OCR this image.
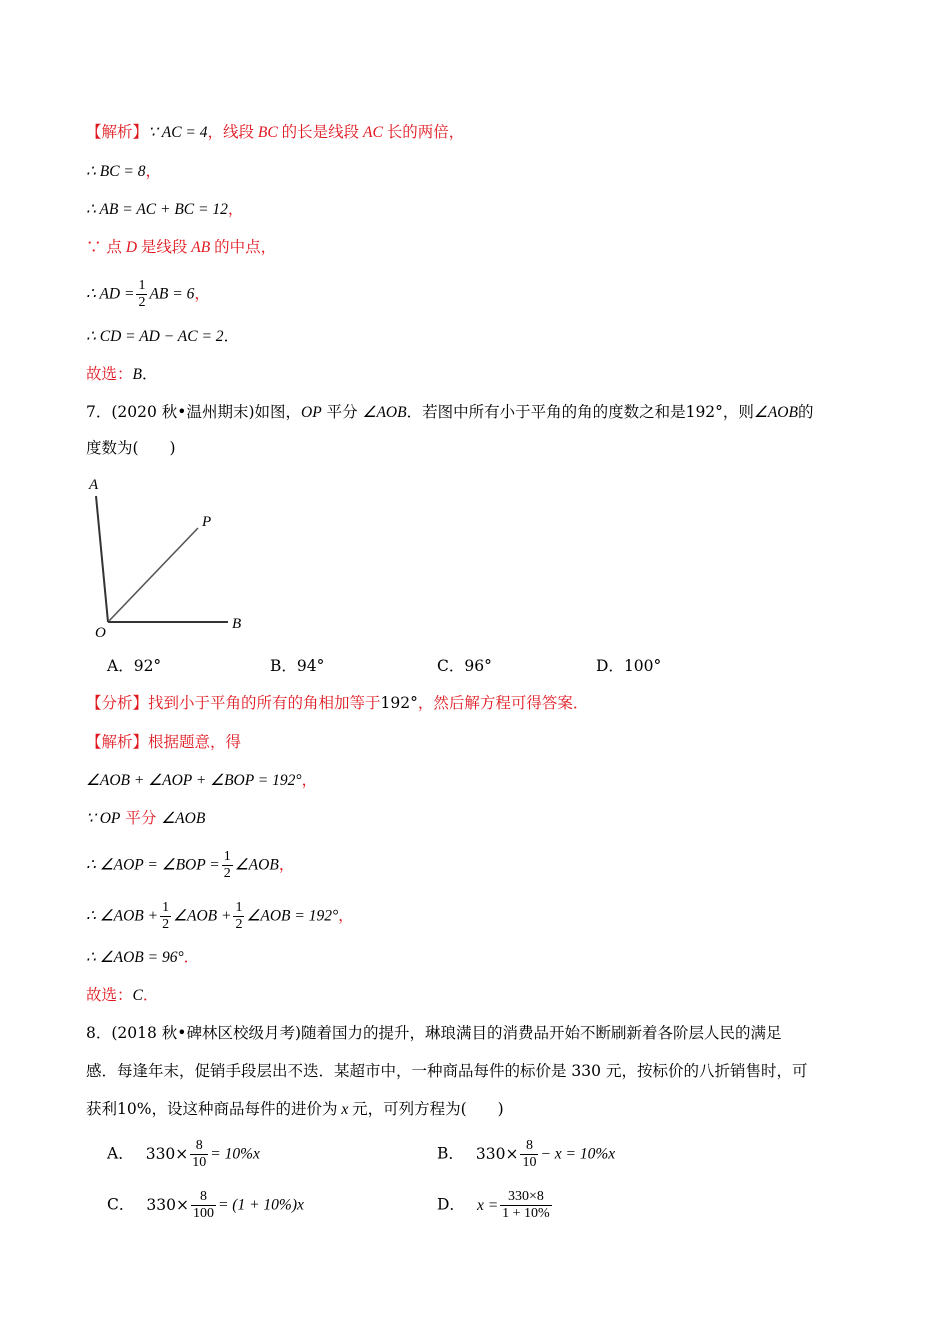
【解析】∵ AC = 4，线段 BC 的长是线段 AC 长的两倍，
∴ BC = 8，
∴ AB = AC + BC = 12，
∵ 点 D 是线段 AB 的中点，
∴ AD = $\frac{1}{2}$ AB = 6，
∴ CD = AD − AC = 2．
故选：B．
7．(2020 秋•温州期末)如图，OP 平分 ∠AOB．若图中所有小于平角的角的度数之和是192°，则∠AOB的
度数为(　　)
A
P
O
B
A．92°	B．94°	C．96°	D．100°
【分析】找到小于平角的所有的角相加等于192°，然后解方程可得答案．
【解析】根据题意，得
∠AOB + ∠AOP + ∠BOP = 192°，
∵ OP 平分 ∠AOB
∴ ∠AOP = ∠BOP = $\frac{1}{2}$ ∠AOB，
∴ ∠AOB + $\frac{1}{2}$ ∠AOB + $\frac{1}{2}$ ∠AOB = 192°，
∴ ∠AOB = 96°．
故选：C．
8．(2018 秋•碑林区校级月考)随着国力的提升，琳琅满目的消费品开始不断刷新着各阶层人民的满足
感．每逢年末，促销手段层出不迭．某超市中，一种商品每件的标价是 330 元，按标价的八折销售时，可
获利10%，设这种商品每件的进价为 x 元，可列方程为(　　)
A． $330\times \frac{8}{10} = 10\%x$	B． $330\times \frac{8}{10} - x = 10\%x$
C． $330\times \frac{8}{100} = (1 + 10\%)x$	D． $x = \frac{330\times 8}{1 + 10\%}$
